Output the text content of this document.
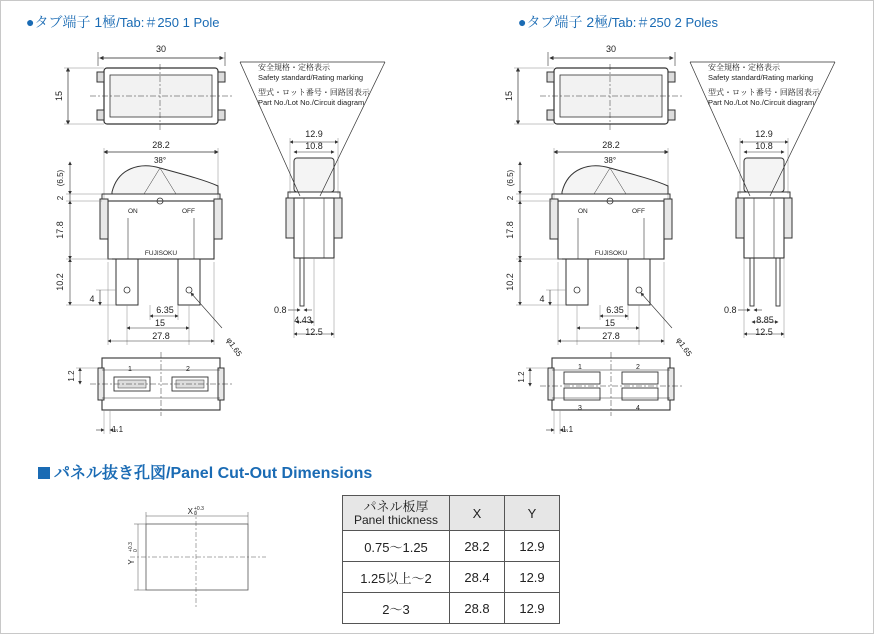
●タブ端子 1極/Tab:＃250 1 Pole	●タブ端子 2極/Tab:＃250 2 Poles
30
15
28.2
38°
2
(6.5)
17.8
10.2
4
6.35
15
27.8	φ1.65
ON	OFF
FUJISOKU
12.9
10.8
0.8
4.43
12.5
1.2
1.1
1	2
安全規格・定格表示
Safety standard/Rating marking
型式・ロット番号・回路図表示
Part No./Lot No./Circuit diagram
30
15
28.2
38°
2
(6.5)
17.8
10.2
4
6.35
15
27.8	φ1.65
ON	OFF
FUJISOKU
12.9
10.8
0.8
8.85
12.5
1.2
1.1
1	2
3	4
安全規格・定格表示
Safety standard/Rating marking
型式・ロット番号・回路図表示
Part No./Lot No./Circuit diagram
X +0.3
0
Y
+0.3 0
パネル抜き孔図/Panel Cut-Out Dimensions
パネル板厚
Panel thickness	X	Y
0.75〜1.25	28.2	12.9
1.25以上〜2	28.4	12.9
2〜3	28.8	12.9
